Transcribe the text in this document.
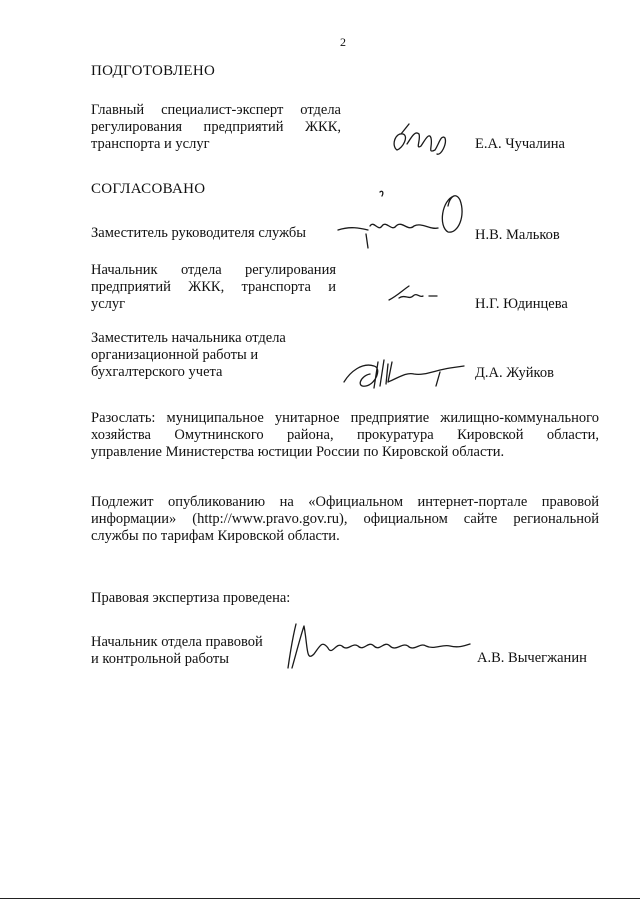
2
ПОДГОТОВЛЕНО
Главный специалист-эксперт отдела
регулирования предприятий ЖКК,
транспорта и услуг	Е.А. Чучалина
СОГЛАСОВАНО
Заместитель руководителя службы	Н.В. Мальков
Начальник отдела регулирования
предприятий ЖКК, транспорта и
услуг	Н.Г. Юдинцева
Заместитель начальника отдела
организационной работы и
бухгалтерского учета	Д.А. Жуйков
Разослать: муниципальное унитарное предприятие жилищно-коммунального
хозяйства Омутнинского района, прокуратура Кировской области,
управление Министерства юстиции России по Кировской области.
Подлежит опубликованию на «Официальном интернет-портале правовой
информации» (http://www.pravo.gov.ru), официальном сайте региональной
службы по тарифам Кировской области.
Правовая экспертиза проведена:
Начальник отдела правовой
и контрольной работы	А.В. Вычегжанин
